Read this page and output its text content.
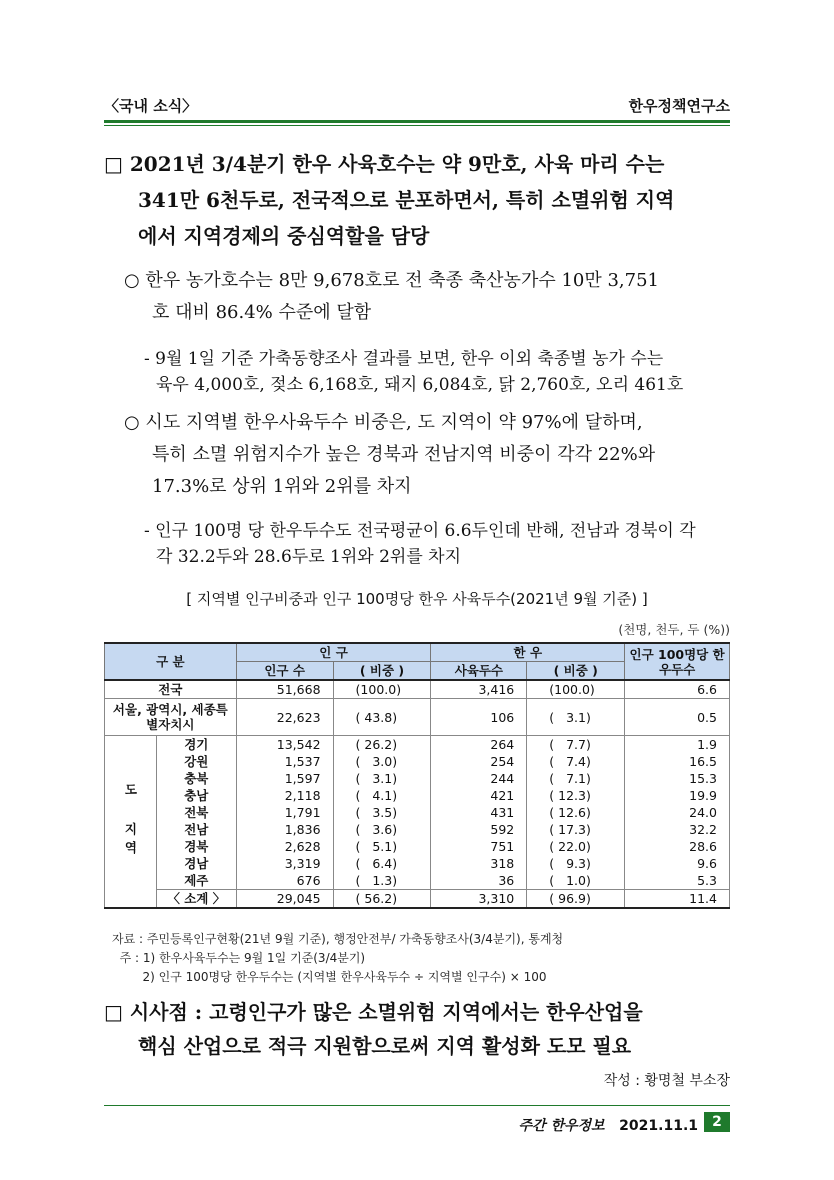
〈국내 소식〉	한우정책연구소
□ 2021년 3/4분기 한우 사육호수는 약 9만호, 사육 마리 수는
341만 6천두로, 전국적으로 분포하면서, 특히 소멸위험 지역
에서 지역경제의 중심역할을 담당
○ 한우 농가호수는 8만 9,678호로 전 축종 축산농가수 10만 3,751
호 대비 86.4% 수준에 달함
- 9월 1일 기준 가축동향조사 결과를 보면, 한우 이외 축종별 농가 수는
육우 4,000호, 젖소 6,168호, 돼지 6,084호, 닭 2,760호, 오리 461호
○ 시도 지역별 한우사육두수 비중은, 도 지역이 약 97%에 달하며,
특히 소멸 위험지수가 높은 경북과 전남지역 비중이 각각 22%와
17.3%로 상위 1위와 2위를 차지
- 인구 100명 당 한우두수도 전국평균이 6.6두인데 반해, 전남과 경북이 각
각 32.2두와 28.6두로 1위와 2위를 차지
[ 지역별 인구비중과 인구 100명당 한우 사육두수(2021년 9월 기준) ]
(천명, 천두, 두 (%))
구 분		인 구		한 우		인구 100명당 한우두수
		인구 수	( 비중 )	사육두수	( 비중 )	
전국		51,668	(100.0)	3,416	(100.0)	6.6
서울, 광역시, 세종특별자치시		22,623	( 43.8)	106	(   3.1)	0.5
도 지역	경기	13,542	( 26.2)	264	(   7.7)	1.9
	강원	1,537	(   3.0)	254	(   7.4)	16.5
	충북	1,597	(   3.1)	244	(   7.1)	15.3
	충남	2,118	(   4.1)	421	( 12.3)	19.9
	전북	1,791	(   3.5)	431	( 12.6)	24.0
	전남	1,836	(   3.6)	592	( 17.3)	32.2
	경북	2,628	(   5.1)	751	( 22.0)	28.6
	경남	3,319	(   6.4)	318	(   9.3)	9.6
	제주	676	(   1.3)	36	(   1.0)	5.3
	〈 소계 〉	29,045	( 56.2)	3,310	( 96.9)	11.4
자료 : 주민등록인구현황(21년 9월 기준), 행정안전부/ 가축동향조사(3/4분기), 통계청
주 : 1) 한우사육두수는 9월 1일 기준(3/4분기)
2) 인구 100명당 한우두수는 (지역별 한우사육두수 ÷ 지역별 인구수) × 100
□ 시사점 : 고령인구가 많은 소멸위험 지역에서는 한우산업을
핵심 산업으로 적극 지원함으로써 지역 활성화 도모 필요
작성 : 황명철 부소장
주간 한우정보 2021.11.1	2
